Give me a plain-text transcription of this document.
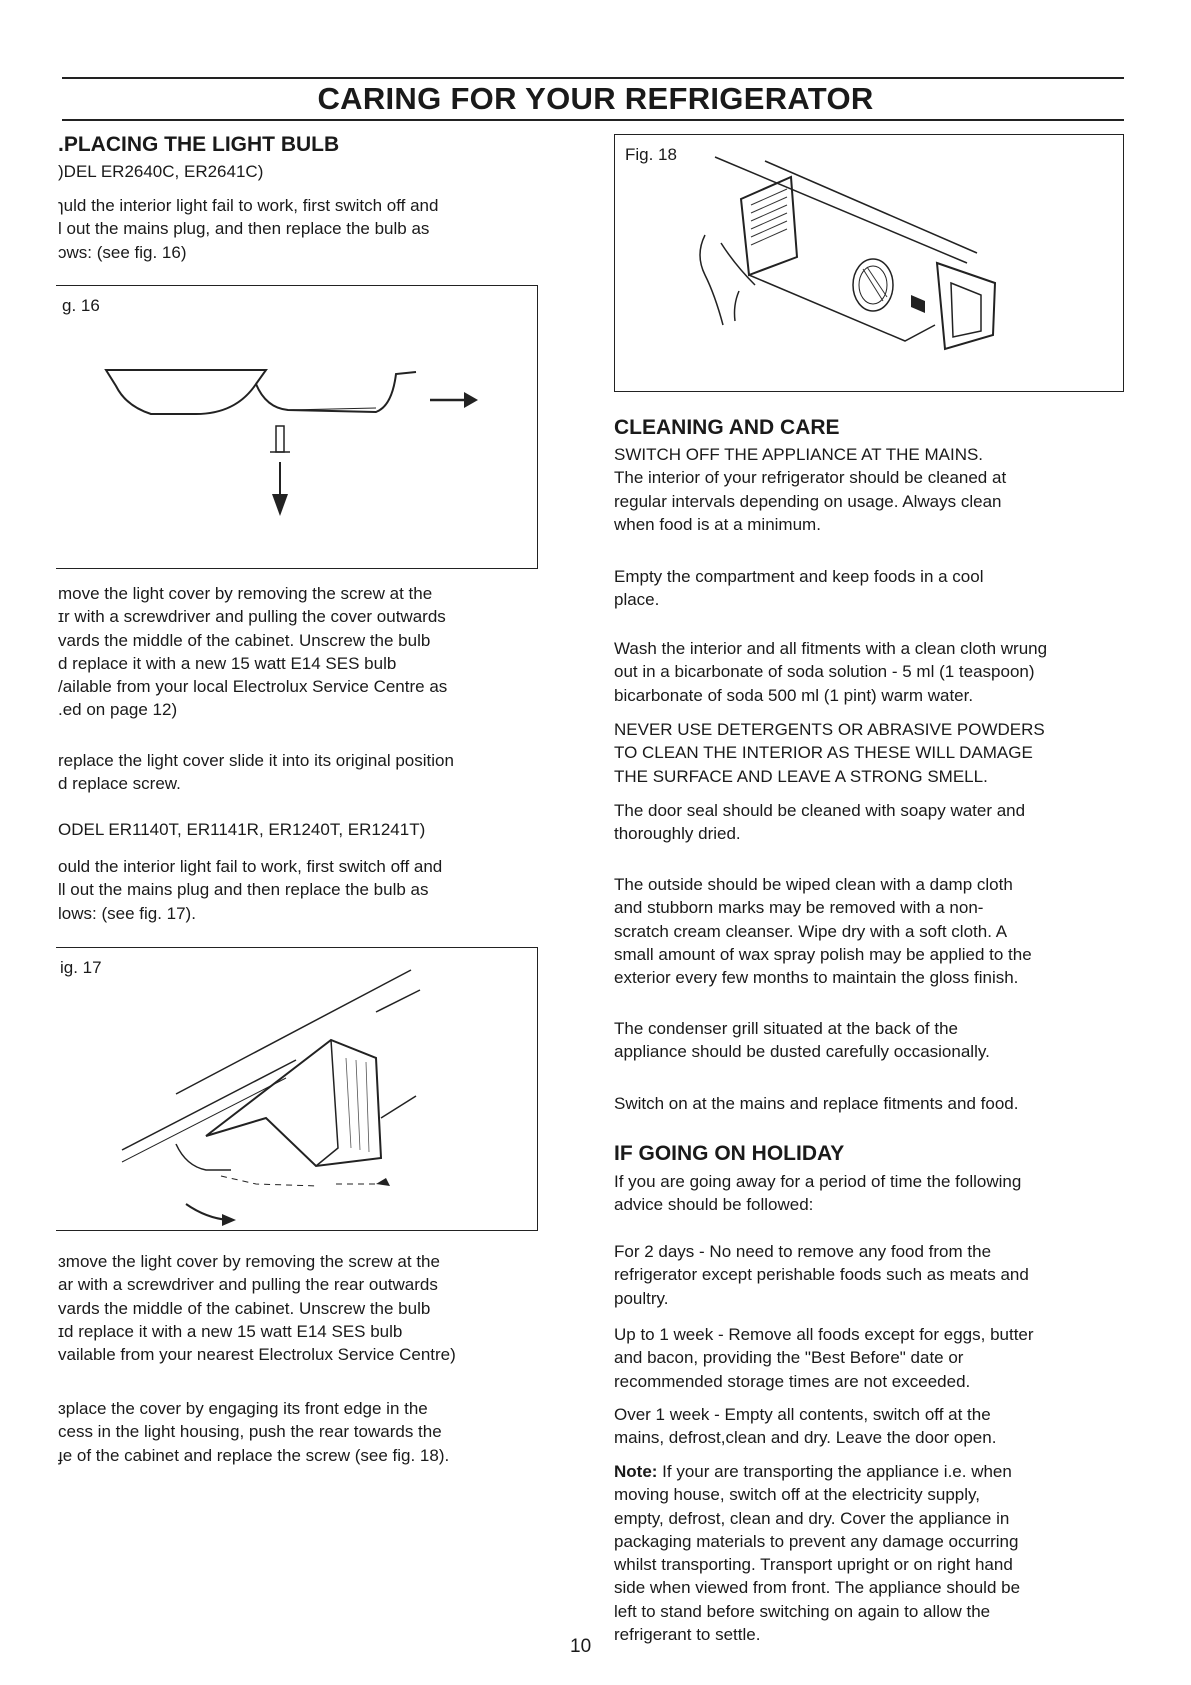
CARING FOR YOUR REFRIGERATOR
.PLACING THE LIGHT BULB
)DEL ER2640C, ER2641C)

ɿuld the interior light fail to work, first switch off and
l out the mains plug, and then replace the bulb as
ɔws: (see fig. 16)

ɡ. 16

move the light cover by removing the screw at the
ɪr with a screwdriver and pulling the cover outwards
vards the middle of the cabinet. Unscrew the bulb
d replace it with a new 15 watt E14 SES bulb
/ailable from your local Electrolux Service Centre as
.ed on page 12)

replace the light cover slide it into its original position
d replace screw.

ODEL ER1140T, ER1141R, ER1240T, ER1241T)

ould the interior light fail to work, first switch off and
ll out the mains plug and then replace the bulb as
lows: (see fig. 17).

ig. 17

ɜmove the light cover by removing the screw at the
ar with a screwdriver and pulling the rear outwards
vards the middle of the cabinet. Unscrew the bulb
ɪd replace it with a new 15 watt E14 SES bulb
vailable from your nearest Electrolux Service Centre)

ɜplace the cover by engaging its front edge in the
cess in the light housing, push the rear towards the
ɟe of the cabinet and replace the screw (see fig. 18).

Fig. 18
CLEANING AND CARE

SWITCH OFF THE APPLIANCE AT THE MAINS.
The interior of your refrigerator should be cleaned at
regular intervals depending on usage. Always clean
when food is at a minimum.

Empty the compartment and keep foods in a cool
place.

Wash the interior and all fitments with a clean cloth wrung
out in a bicarbonate of soda solution - 5 ml (1 teaspoon)
bicarbonate of soda 500 ml (1 pint) warm water.

NEVER USE DETERGENTS OR ABRASIVE POWDERS
TO CLEAN THE INTERIOR AS THESE WILL DAMAGE
THE SURFACE AND LEAVE A STRONG SMELL.

The door seal should be cleaned with soapy water and
thoroughly dried.

The outside should be wiped clean with a damp cloth
and stubborn marks may be removed with a non-
scratch cream cleanser. Wipe dry with a soft cloth. A
small amount of wax spray polish may be applied to the
exterior every few months to maintain the gloss finish.

The condenser grill situated at the back of the
appliance should be dusted carefully occasionally.

Switch on at the mains and replace fitments and food.

IF GOING ON HOLIDAY

If you are going away for a period of time the following
advice should be followed:

For 2 days - No need to remove any food from the
refrigerator except perishable foods such as meats and
poultry.

Up to 1 week - Remove all foods except for eggs, butter
and bacon, providing the "Best Before" date or
recommended storage times are not exceeded.

Over 1 week - Empty all contents, switch off at the
mains, defrost,clean and dry. Leave the door open.

Note: If your are transporting the appliance i.e. when
moving house, switch off at the electricity supply,
empty, defrost, clean and dry. Cover the appliance in
packaging materials to prevent any damage occurring
whilst transporting. Transport upright or on right hand
side when viewed from front. The appliance should be
left to stand before switching on again to allow the
refrigerant to settle.

10
